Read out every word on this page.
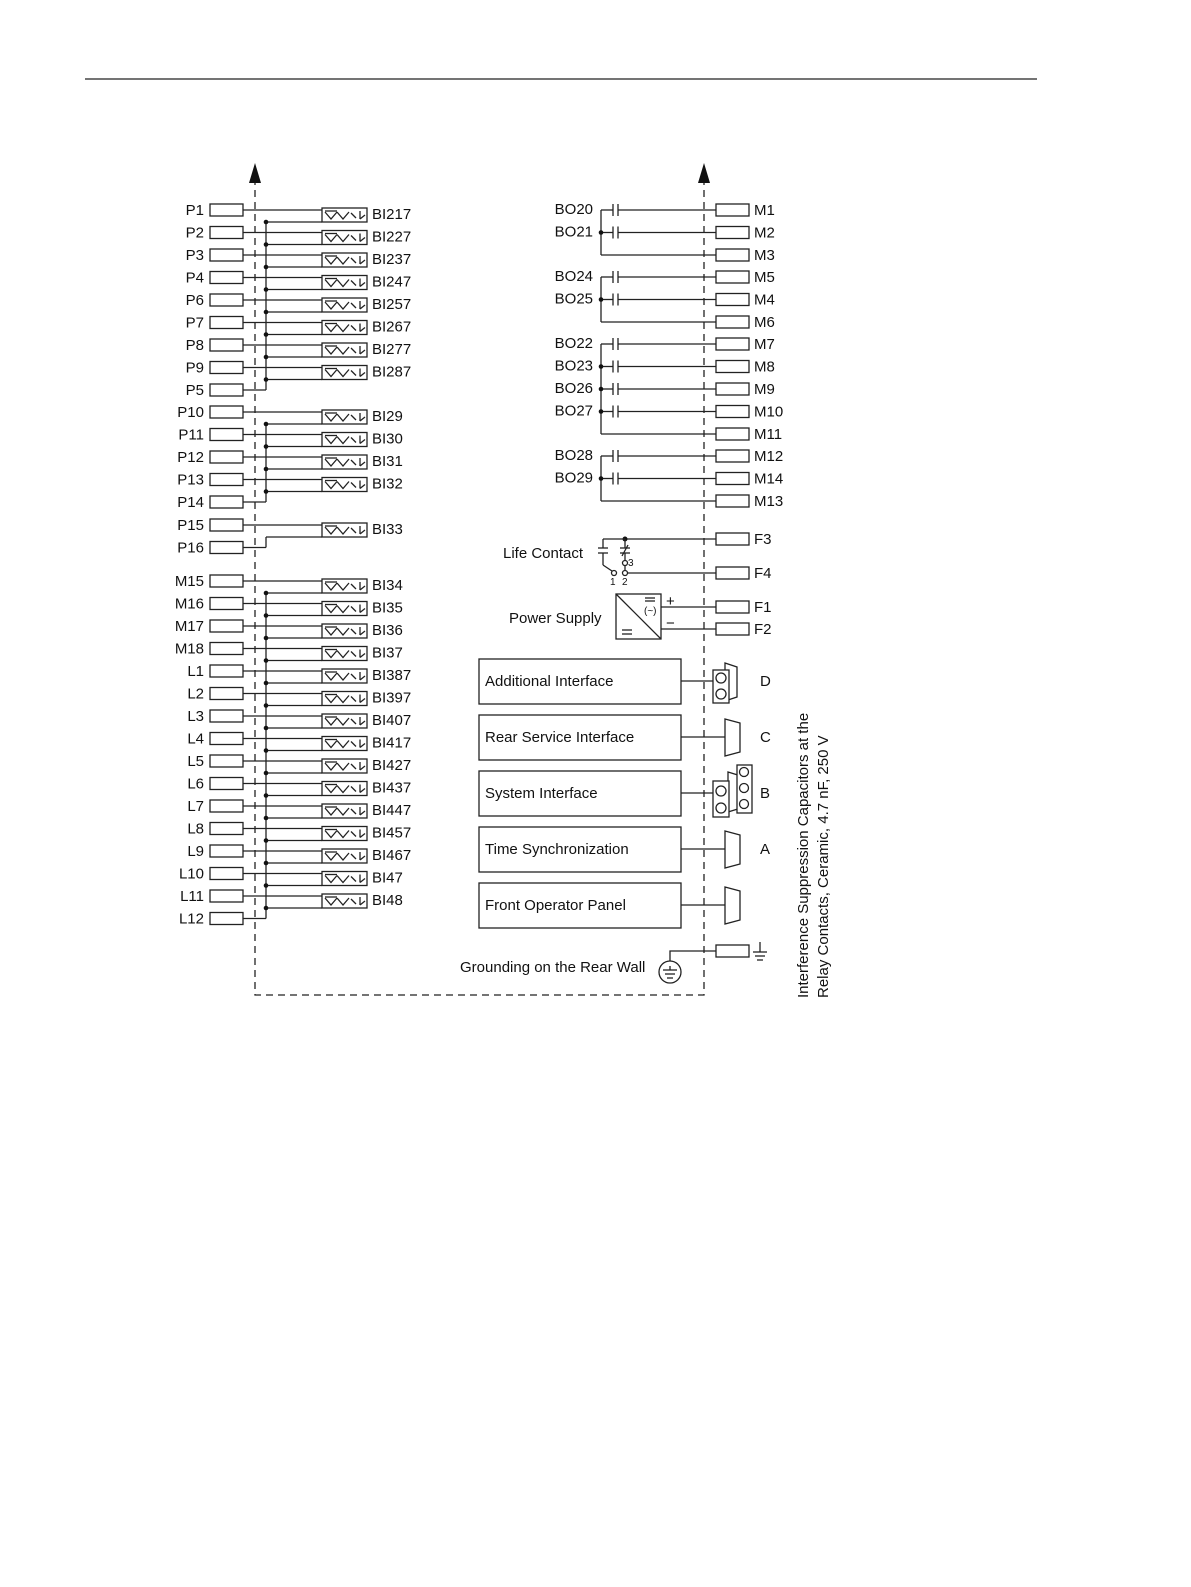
P1	BI217
P2	BI227
P3	BI237
P4	BI247
P6	BI257
P7	BI267
P8	BI277
P9	BI287
P5
P10	BI29
P11	BI30
P12	BI31
P13	BI32
P14
P15	BI33
P16
M15	BI34
M16	BI35
M17	BI36
M18	BI37
L1	BI387
L2	BI397
L3	BI407
L4	BI417
L5	BI427
L6	BI437
L7	BI447
L8	BI457
L9	BI467
L10	BI47
L11	BI48
L12
BO20	M1
BO21	M2
M3
BO24	M5
BO25	M4
M6
BO22	M7
BO23	M8
BO26	M9
BO27	M10
M11
BO28	M12
BO29	M14
M13
Life Contact
1 2
3
F3
F4
Power Supply	(~)
+
−
F1
F2
Additional Interface	D
Rear Service Interface	C
System Interface	B
Time Synchronization	A
Front Operator Panel
Grounding on the Rear Wall	Interference Suppression Capacitors at the Relay Contacts, Ceramic, 4.7 nF, 250 V
